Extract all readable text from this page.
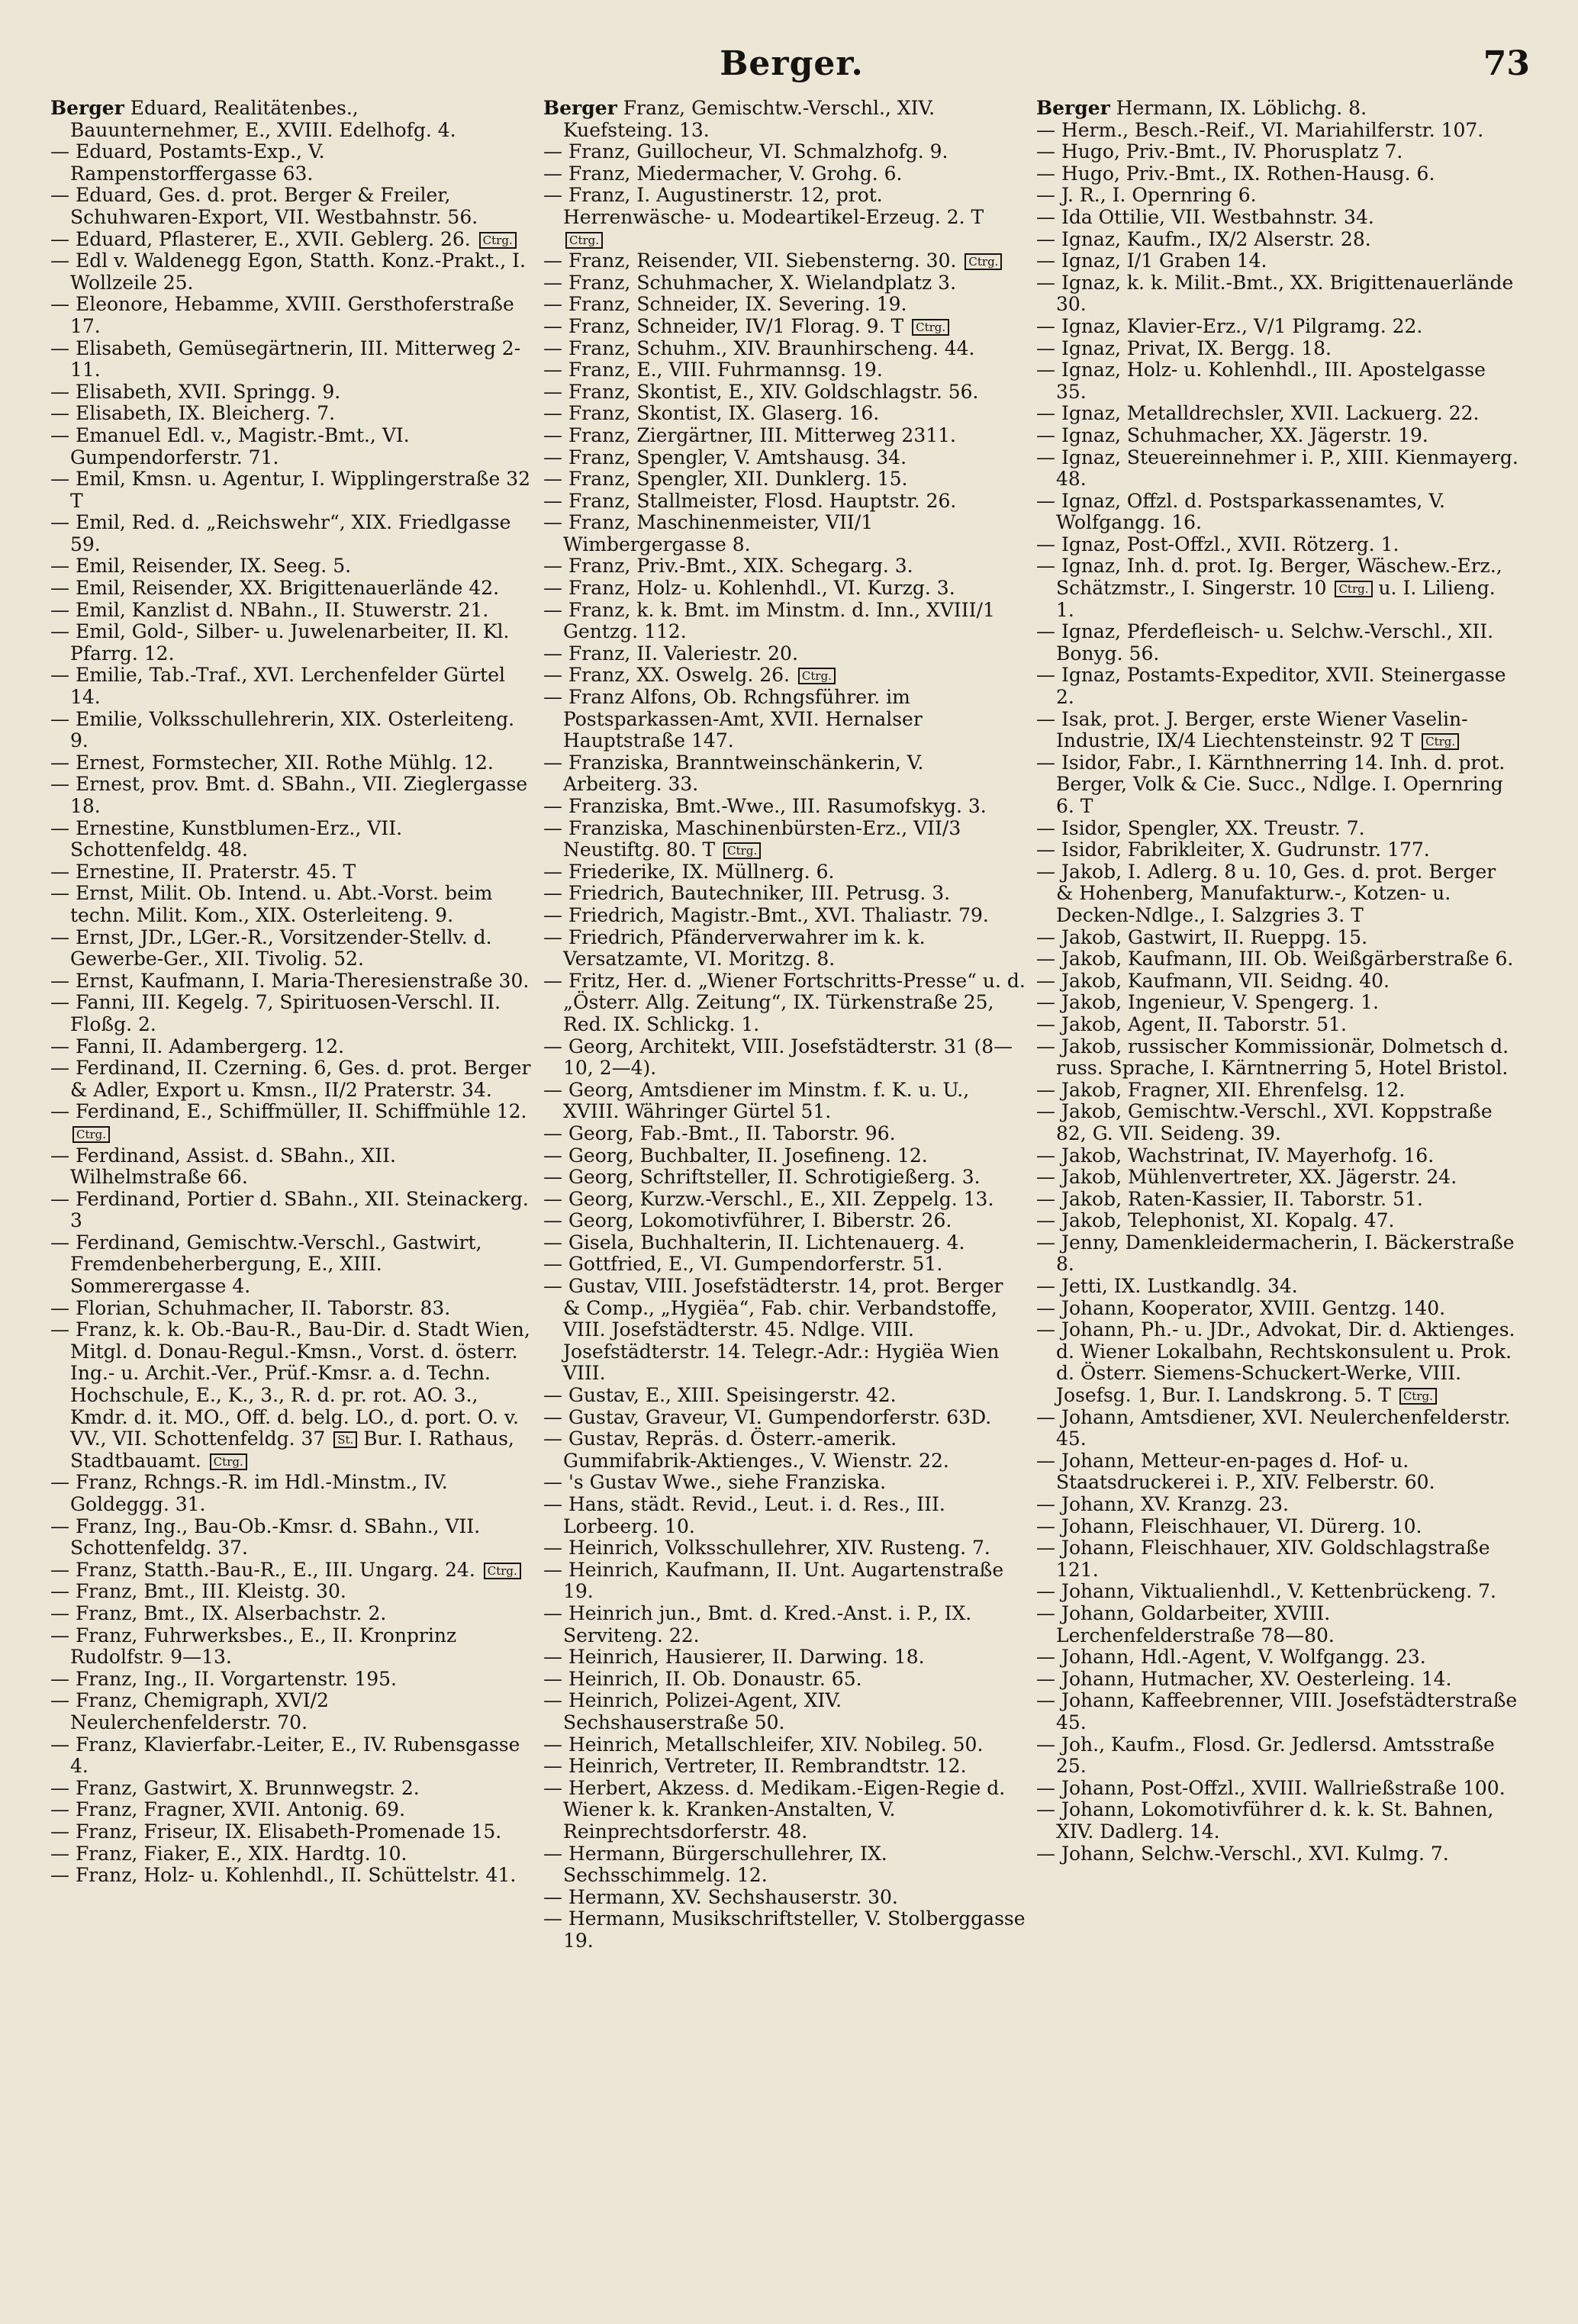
Berger.	73
Berger Eduard, Realitätenbes., Bauunternehmer, E., XVIII. Edelhofg. 4.
— Eduard, Postamts-Exp., V. Rampenstorffergasse 63.
— Eduard, Ges. d. prot. Berger & Freiler, Schuhwaren-Export, VII. Westbahnstr. 56.
— Eduard, Pflasterer, E., XVII. Geblerg. 26. Ctrg.
— Edl v. Waldenegg Egon, Statth. Konz.-Prakt., I. Wollzeile 25.
— Eleonore, Hebamme, XVIII. Gersthoferstraße 17.
— Elisabeth, Gemüsegärtnerin, III. Mitterweg 2-11.
— Elisabeth, XVII. Springg. 9.
— Elisabeth, IX. Bleicherg. 7.
— Emanuel Edl. v., Magistr.-Bmt., VI. Gumpendorferstr. 71.
— Emil, Kmsn. u. Agentur, I. Wipplingerstraße 32 T
— Emil, Red. d. „Reichswehr“, XIX. Friedlgasse 59.
— Emil, Reisender, IX. Seeg. 5.
— Emil, Reisender, XX. Brigittenauerlände 42.
— Emil, Kanzlist d. NBahn., II. Stuwerstr. 21.
— Emil, Gold-, Silber- u. Juwelenarbeiter, II. Kl. Pfarrg. 12.
— Emilie, Tab.-Traf., XVI. Lerchenfelder Gürtel 14.
— Emilie, Volksschullehrerin, XIX. Osterleiteng. 9.
— Ernest, Formstecher, XII. Rothe Mühlg. 12.
— Ernest, prov. Bmt. d. SBahn., VII. Zieglergasse 18.
— Ernestine, Kunstblumen-Erz., VII. Schottenfeldg. 48.
— Ernestine, II. Praterstr. 45. T
— Ernst, Milit. Ob. Intend. u. Abt.-Vorst. beim techn. Milit. Kom., XIX. Osterleiteng. 9.
— Ernst, JDr., LGer.-R., Vorsitzender-Stellv. d. Gewerbe-Ger., XII. Tivolig. 52.
— Ernst, Kaufmann, I. Maria-Theresienstraße 30.
— Fanni, III. Kegelg. 7, Spirituosen-Verschl. II. Floßg. 2.
— Fanni, II. Adambergerg. 12.
— Ferdinand, II. Czerning. 6, Ges. d. prot. Berger & Adler, Export u. Kmsn., II/2 Praterstr. 34.
— Ferdinand, E., Schiffmüller, II. Schiffmühle 12. Ctrg.
— Ferdinand, Assist. d. SBahn., XII. Wilhelmstraße 66.
— Ferdinand, Portier d. SBahn., XII. Steinackerg. 3
— Ferdinand, Gemischtw.-Verschl., Gastwirt, Fremdenbeherbergung, E., XIII. Sommerergasse 4.
— Florian, Schuhmacher, II. Taborstr. 83.
— Franz, k. k. Ob.-Bau-R., Bau-Dir. d. Stadt Wien, Mitgl. d. Donau-Regul.-Kmsn., Vorst. d. österr. Ing.- u. Archit.-Ver., Prüf.-Kmsr. a. d. Techn. Hochschule, E., K., 3., R. d. pr. rot. AO. 3., Kmdr. d. it. MO., Off. d. belg. LO., d. port. O. v. VV., VII. Schottenfeldg. 37 St. Bur. I. Rathaus, Stadtbauamt. Ctrg.
— Franz, Rchngs.-R. im Hdl.-Minstm., IV. Goldeggg. 31.
— Franz, Ing., Bau-Ob.-Kmsr. d. SBahn., VII. Schottenfeldg. 37.
— Franz, Statth.-Bau-R., E., III. Ungarg. 24. Ctrg.
— Franz, Bmt., III. Kleistg. 30.
— Franz, Bmt., IX. Alserbachstr. 2.
— Franz, Fuhrwerksbes., E., II. Kronprinz Rudolfstr. 9—13.
— Franz, Ing., II. Vorgartenstr. 195.
— Franz, Chemigraph, XVI/2 Neulerchenfelderstr. 70.
— Franz, Klavierfabr.-Leiter, E., IV. Rubensgasse 4.
— Franz, Gastwirt, X. Brunnwegstr. 2.
— Franz, Fragner, XVII. Antonig. 69.
— Franz, Friseur, IX. Elisabeth-Promenade 15.
— Franz, Fiaker, E., XIX. Hardtg. 10.
— Franz, Holz- u. Kohlenhdl., II. Schüttelstr. 41.
Berger Franz, Gemischtw.-Verschl., XIV. Kuefsteing. 13.
— Franz, Guillocheur, VI. Schmalzhofg. 9.
— Franz, Miedermacher, V. Grohg. 6.
— Franz, I. Augustinerstr. 12, prot. Herrenwäsche- u. Modeartikel-Erzeug. 2. T Ctrg.
— Franz, Reisender, VII. Siebensterng. 30. Ctrg.
— Franz, Schuhmacher, X. Wielandplatz 3.
— Franz, Schneider, IX. Severing. 19.
— Franz, Schneider, IV/1 Florag. 9. T Ctrg.
— Franz, Schuhm., XIV. Braunhirscheng. 44.
— Franz, E., VIII. Fuhrmannsg. 19.
— Franz, Skontist, E., XIV. Goldschlagstr. 56.
— Franz, Skontist, IX. Glaserg. 16.
— Franz, Ziergärtner, III. Mitterweg 2311.
— Franz, Spengler, V. Amtshausg. 34.
— Franz, Spengler, XII. Dunklerg. 15.
— Franz, Stallmeister, Flosd. Hauptstr. 26.
— Franz, Maschinenmeister, VII/1 Wimbergergasse 8.
— Franz, Priv.-Bmt., XIX. Schegarg. 3.
— Franz, Holz- u. Kohlenhdl., VI. Kurzg. 3.
— Franz, k. k. Bmt. im Minstm. d. Inn., XVIII/1 Gentzg. 112.
— Franz, II. Valeriestr. 20.
— Franz, XX. Oswelg. 26. Ctrg.
— Franz Alfons, Ob. Rchngsführer. im Postsparkassen-Amt, XVII. Hernalser Hauptstraße 147.
— Franziska, Branntweinschänkerin, V. Arbeiterg. 33.
— Franziska, Bmt.-Wwe., III. Rasumofskyg. 3.
— Franziska, Maschinenbürsten-Erz., VII/3 Neustiftg. 80. T Ctrg.
— Friederike, IX. Müllnerg. 6.
— Friedrich, Bautechniker, III. Petrusg. 3.
— Friedrich, Magistr.-Bmt., XVI. Thaliastr. 79.
— Friedrich, Pfänderverwahrer im k. k. Versatzamte, VI. Moritzg. 8.
— Fritz, Her. d. „Wiener Fortschritts-Presse“ u. d. „Österr. Allg. Zeitung“, IX. Türkenstraße 25, Red. IX. Schlickg. 1.
— Georg, Architekt, VIII. Josefstädterstr. 31 (8—10, 2—4).
— Georg, Amtsdiener im Minstm. f. K. u. U., XVIII. Währinger Gürtel 51.
— Georg, Fab.-Bmt., II. Taborstr. 96.
— Georg, Buchbalter, II. Josefineng. 12.
— Georg, Schriftsteller, II. Schrotigießerg. 3.
— Georg, Kurzw.-Verschl., E., XII. Zeppelg. 13.
— Georg, Lokomotivführer, I. Biberstr. 26.
— Gisela, Buchhalterin, II. Lichtenauerg. 4.
— Gottfried, E., VI. Gumpendorferstr. 51.
— Gustav, VIII. Josefstädterstr. 14, prot. Berger & Comp., „Hygiëa“, Fab. chir. Verbandstoffe, VIII. Josefstädterstr. 45. Ndlge. VIII. Josefstädterstr. 14. Telegr.-Adr.: Hygiëa Wien VIII.
— Gustav, E., XIII. Speisingerstr. 42.
— Gustav, Graveur, VI. Gumpendorferstr. 63D.
— Gustav, Repräs. d. Österr.-amerik. Gummifabrik-Aktienges., V. Wienstr. 22.
— 's Gustav Wwe., siehe Franziska.
— Hans, städt. Revid., Leut. i. d. Res., III. Lorbeerg. 10.
— Heinrich, Volksschullehrer, XIV. Rusteng. 7.
— Heinrich, Kaufmann, II. Unt. Augartenstraße 19.
— Heinrich jun., Bmt. d. Kred.-Anst. i. P., IX. Serviteng. 22.
— Heinrich, Hausierer, II. Darwing. 18.
— Heinrich, II. Ob. Donaustr. 65.
— Heinrich, Polizei-Agent, XIV. Sechshauserstraße 50.
— Heinrich, Metallschleifer, XIV. Nobileg. 50.
— Heinrich, Vertreter, II. Rembrandtstr. 12.
— Herbert, Akzess. d. Medikam.-Eigen-Regie d. Wiener k. k. Kranken-Anstalten, V. Reinprechtsdorferstr. 48.
— Hermann, Bürgerschullehrer, IX. Sechsschimmelg. 12.
— Hermann, XV. Sechshauserstr. 30.
— Hermann, Musikschriftsteller, V. Stolberggasse 19.
Berger Hermann, IX. Löblichg. 8.
— Herm., Besch.-Reif., VI. Mariahilferstr. 107.
— Hugo, Priv.-Bmt., IV. Phorusplatz 7.
— Hugo, Priv.-Bmt., IX. Rothen-Hausg. 6.
— J. R., I. Opernring 6.
— Ida Ottilie, VII. Westbahnstr. 34.
— Ignaz, Kaufm., IX/2 Alserstr. 28.
— Ignaz, I/1 Graben 14.
— Ignaz, k. k. Milit.-Bmt., XX. Brigittenauerlände 30.
— Ignaz, Klavier-Erz., V/1 Pilgramg. 22.
— Ignaz, Privat, IX. Bergg. 18.
— Ignaz, Holz- u. Kohlenhdl., III. Apostelgasse 35.
— Ignaz, Metalldrechsler, XVII. Lackuerg. 22.
— Ignaz, Schuhmacher, XX. Jägerstr. 19.
— Ignaz, Steuereinnehmer i. P., XIII. Kienmayerg. 48.
— Ignaz, Offzl. d. Postsparkassenamtes, V. Wolfgangg. 16.
— Ignaz, Post-Offzl., XVII. Rötzerg. 1.
— Ignaz, Inh. d. prot. Ig. Berger, Wäschew.-Erz., Schätzmstr., I. Singerstr. 10 Ctrg. u. I. Lilieng. 1.
— Ignaz, Pferdefleisch- u. Selchw.-Verschl., XII. Bonyg. 56.
— Ignaz, Postamts-Expeditor, XVII. Steinergasse 2.
— Isak, prot. J. Berger, erste Wiener Vaselin-Industrie, IX/4 Liechtensteinstr. 92 T Ctrg.
— Isidor, Fabr., I. Kärnthnerring 14. Inh. d. prot. Berger, Volk & Cie. Succ., Ndlge. I. Opernring 6. T
— Isidor, Spengler, XX. Treustr. 7.
— Isidor, Fabrikleiter, X. Gudrunstr. 177.
— Jakob, I. Adlerg. 8 u. 10, Ges. d. prot. Berger & Hohenberg, Manufakturw.-, Kotzen- u. Decken-Ndlge., I. Salzgries 3. T
— Jakob, Gastwirt, II. Rueppg. 15.
— Jakob, Kaufmann, III. Ob. Weißgärberstraße 6.
— Jakob, Kaufmann, VII. Seidng. 40.
— Jakob, Ingenieur, V. Spengerg. 1.
— Jakob, Agent, II. Taborstr. 51.
— Jakob, russischer Kommissionär, Dolmetsch d. russ. Sprache, I. Kärntnerring 5, Hotel Bristol.
— Jakob, Fragner, XII. Ehrenfelsg. 12.
— Jakob, Gemischtw.-Verschl., XVI. Koppstraße 82, G. VII. Seideng. 39.
— Jakob, Wachstrinat, IV. Mayerhofg. 16.
— Jakob, Mühlenvertreter, XX. Jägerstr. 24.
— Jakob, Raten-Kassier, II. Taborstr. 51.
— Jakob, Telephonist, XI. Kopalg. 47.
— Jenny, Damenkleidermacherin, I. Bäckerstraße 8.
— Jetti, IX. Lustkandlg. 34.
— Johann, Kooperator, XVIII. Gentzg. 140.
— Johann, Ph.- u. JDr., Advokat, Dir. d. Aktienges. d. Wiener Lokalbahn, Rechtskonsulent u. Prok. d. Österr. Siemens-Schuckert-Werke, VIII. Josefsg. 1, Bur. I. Landskrong. 5. T Ctrg.
— Johann, Amtsdiener, XVI. Neulerchenfelderstr. 45.
— Johann, Metteur-en-pages d. Hof- u. Staatsdruckerei i. P., XIV. Felberstr. 60.
— Johann, XV. Kranzg. 23.
— Johann, Fleischhauer, VI. Dürerg. 10.
— Johann, Fleischhauer, XIV. Goldschlagstraße 121.
— Johann, Viktualienhdl., V. Kettenbrückeng. 7.
— Johann, Goldarbeiter, XVIII. Lerchenfelderstraße 78—80.
— Johann, Hdl.-Agent, V. Wolfgangg. 23.
— Johann, Hutmacher, XV. Oesterleing. 14.
— Johann, Kaffeebrenner, VIII. Josefstädterstraße 45.
— Joh., Kaufm., Flosd. Gr. Jedlersd. Amtsstraße 25.
— Johann, Post-Offzl., XVIII. Wallrießstraße 100.
— Johann, Lokomotivführer d. k. k. St. Bahnen, XIV. Dadlerg. 14.
— Johann, Selchw.-Verschl., XVI. Kulmg. 7.
